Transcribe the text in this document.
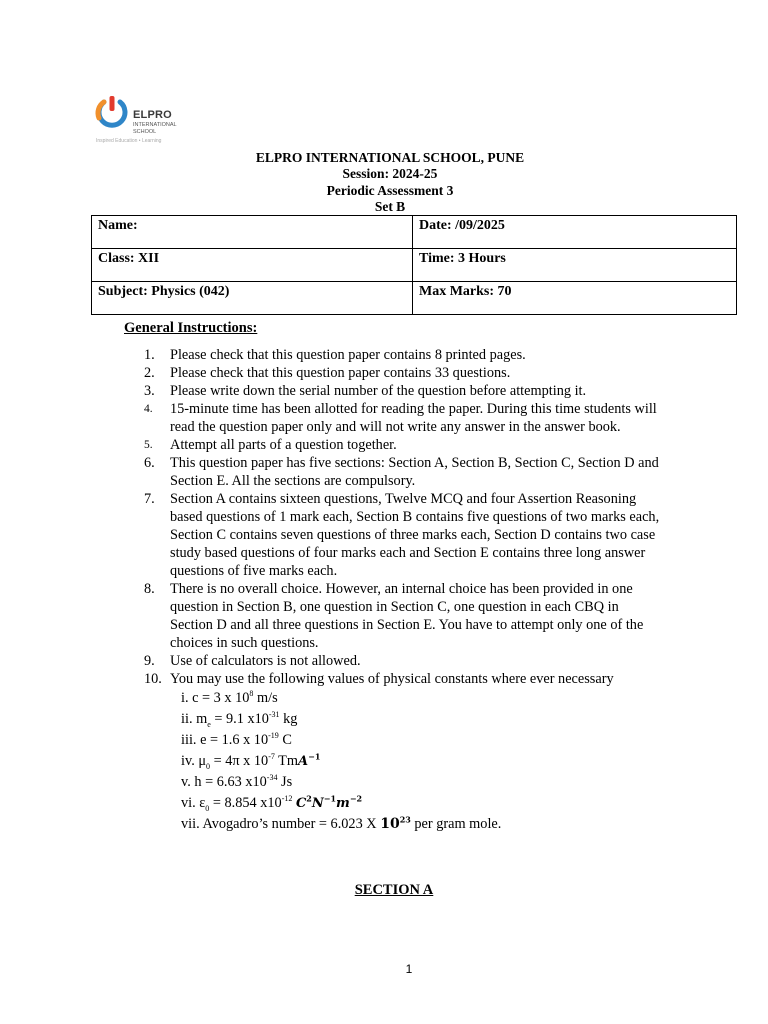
ELPRO
INTERNATIONAL SCHOOL
Inspired Education • Learning
ELPRO INTERNATIONAL SCHOOL, PUNE
Session: 2024-25
Periodic Assessment 3
Set B
Name:	Date: /09/2025
Class: XII	Time: 3 Hours
Subject: Physics (042)	Max Marks: 70
General Instructions:
1. Please check that this question paper contains 8 printed pages.
2. Please check that this question paper contains 33 questions.
3. Please write down the serial number of the question before attempting it.
4. 15-minute time has been allotted for reading the paper. During this time students will read the question paper only and will not write any answer in the answer book.
5. Attempt all parts of a question together.
6. This question paper has five sections: Section A, Section B, Section C, Section D and Section E. All the sections are compulsory.
7. Section A contains sixteen questions, Twelve MCQ and four Assertion Reasoning based questions of 1 mark each, Section B contains five questions of two marks each, Section C contains seven questions of three marks each, Section D contains two case study based questions of four marks each and Section E contains three long answer questions of five marks each.
8. There is no overall choice. However, an internal choice has been provided in one question in Section B, one question in Section C, one question in each CBQ in Section D and all three questions in Section E. You have to attempt only one of the choices in such questions.
9. Use of calculators is not allowed.
10. You may use the following values of physical constants where ever necessary
i. c = 3 x $10^8$ m/s
ii. $m_e = 9.1$ $x10^{-31}$ kg
iii. e = 1.6 x $10^{-19}$ C
iv. $\mu_0 = 4\pi$ x $10^{-7}$ TmA$^{-1}$
v. h = 6.63 $x10^{-34}$ Js
vi. $\varepsilon_0 = 8.854$ $x10^{-12}$ $C^2N^{-1}m^{-2}$
vii. Avogadro’s number = 6.023 X $10^{23}$ per gram mole.
SECTION A
1
